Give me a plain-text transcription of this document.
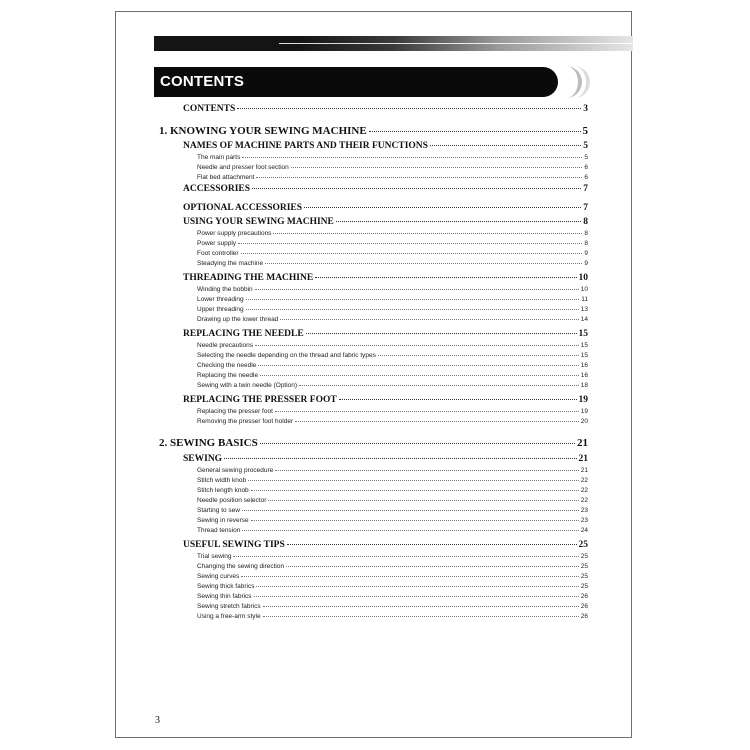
CONTENTS
CONTENTS	3
1. KNOWING YOUR SEWING MACHINE	5
NAMES OF MACHINE PARTS AND THEIR FUNCTIONS	5
The main parts	5
Needle and presser foot section	6
Flat bed attachment	6
ACCESSORIES	7
OPTIONAL ACCESSORIES	7
USING YOUR SEWING MACHINE	8
Power supply precautions	8
Power supply	8
Foot controller	9
Steadying the machine	9
THREADING THE MACHINE	10
Winding the bobbin	10
Lower threading	11
Upper threading	13
Drawing up the lower thread	14
REPLACING THE NEEDLE	15
Needle precautions	15
Selecting the needle depending on the thread and fabric types	15
Checking the needle	16
Replacing the needle	16
Sewing with a twin needle (Option)	18
REPLACING THE PRESSER FOOT	19
Replacing the presser foot	19
Removing the presser foot holder	20
2. SEWING BASICS	21
SEWING	21
General sewing procedure	21
Stitch width knob	22
Stitch length knob	22
Needle position selector	22
Starting to sew	23
Sewing in reverse	23
Thread tension	24
USEFUL SEWING TIPS	25
Trial sewing	25
Changing the sewing direction	25
Sewing curves	25
Sewing thick fabrics	25
Sewing thin fabrics	26
Sewing stretch fabrics	26
Using a free-arm style	26
3
